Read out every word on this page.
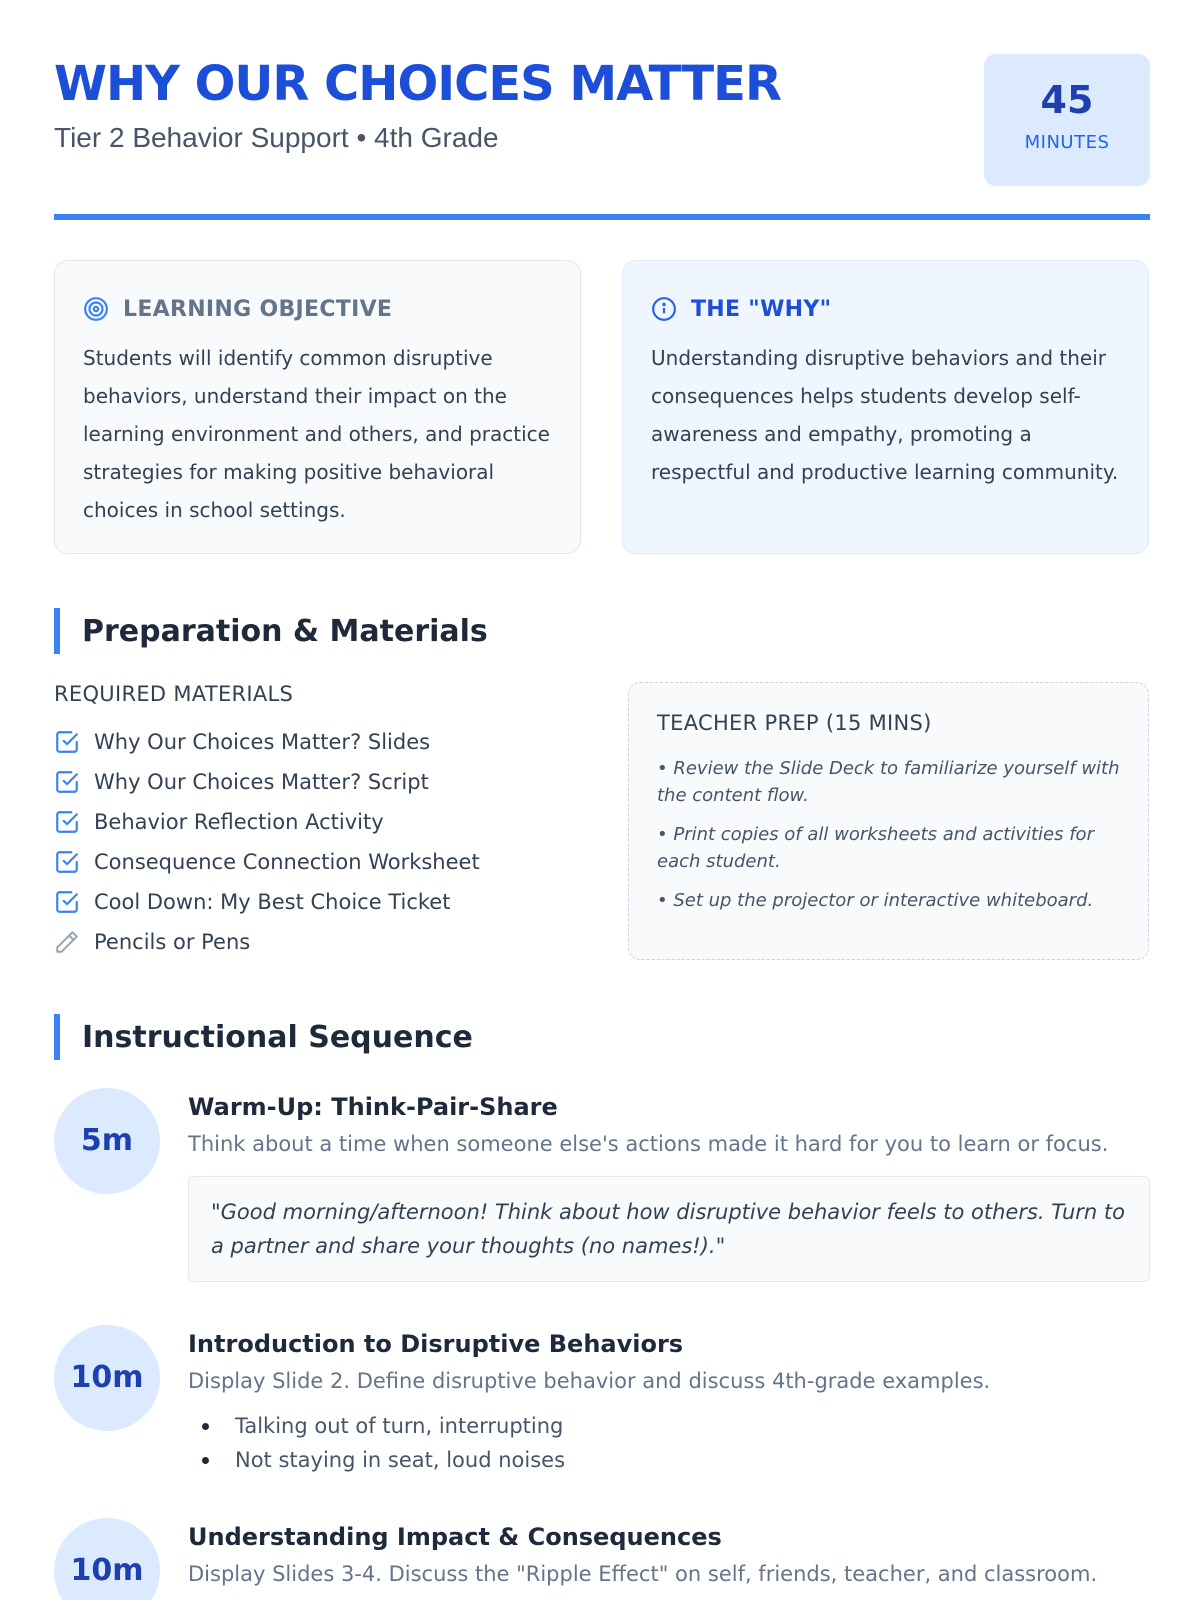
WHY OUR CHOICES MATTER
Tier 2 Behavior Support • 4th Grade
45
MINUTES
LEARNING OBJECTIVE
Students will identify common disruptive behaviors, understand their impact on the learning environment and others, and practice strategies for making positive behavioral choices in school settings.
THE "WHY"
Understanding disruptive behaviors and their consequences helps students develop self-awareness and empathy, promoting a respectful and productive learning community.
Preparation & Materials
REQUIRED MATERIALS
Why Our Choices Matter? Slides
Why Our Choices Matter? Script
Behavior Reflection Activity
Consequence Connection Worksheet
Cool Down: My Best Choice Ticket
Pencils or Pens
TEACHER PREP (15 MINS)
• Review the Slide Deck to familiarize yourself with the content flow.
• Print copies of all worksheets and activities for each student.
• Set up the projector or interactive whiteboard.
Instructional Sequence
5m
Warm-Up: Think-Pair-Share
Think about a time when someone else's actions made it hard for you to learn or focus.
"Good morning/afternoon! Think about how disruptive behavior feels to others. Turn to a partner and share your thoughts (no names!)."
10m
Introduction to Disruptive Behaviors
Display Slide 2. Define disruptive behavior and discuss 4th-grade examples.
Talking out of turn, interrupting
Not staying in seat, loud noises
10m
Understanding Impact & Consequences
Display Slides 3-4. Discuss the "Ripple Effect" on self, friends, teacher, and classroom.
